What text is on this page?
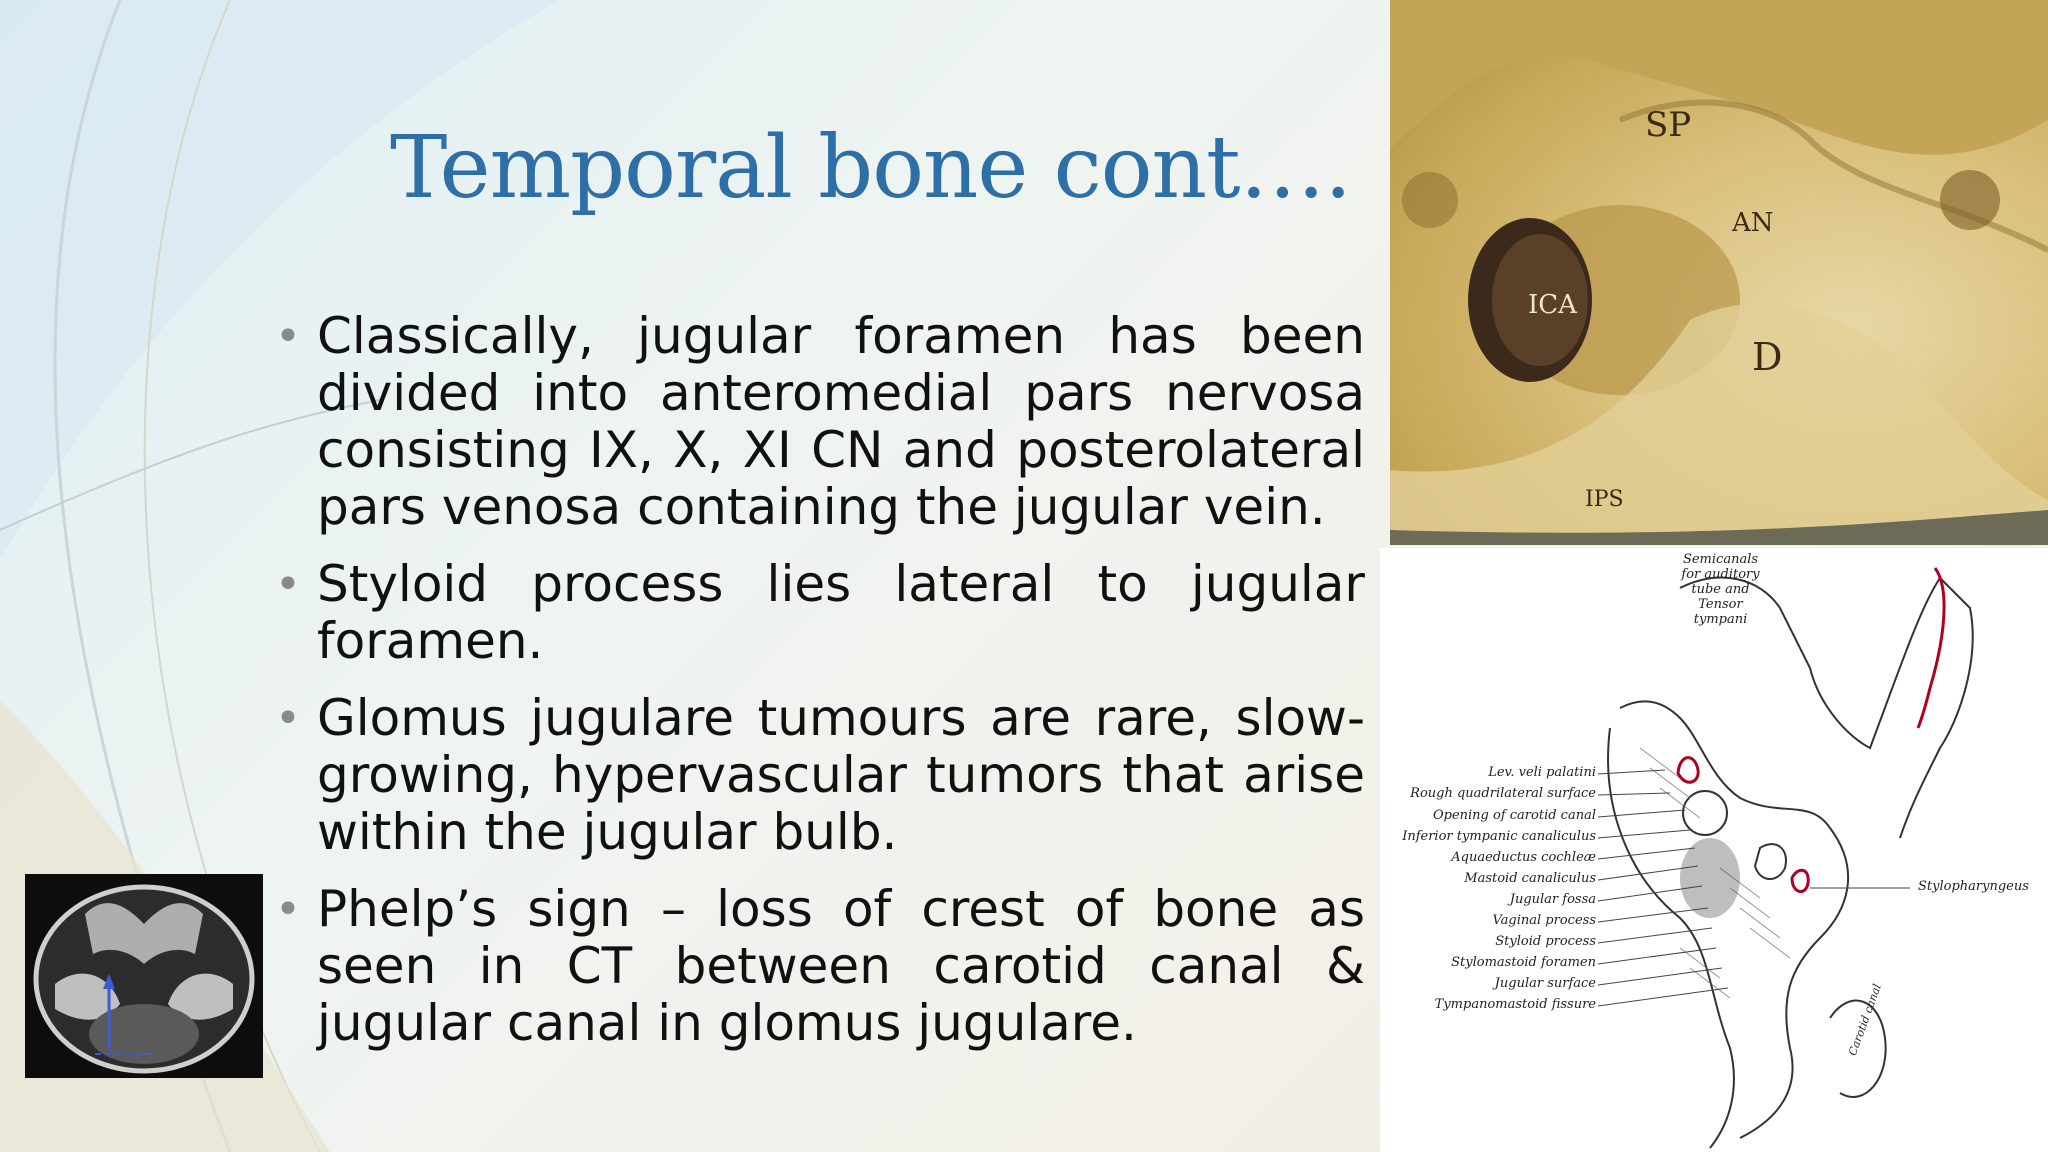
Temporal bone cont….
• Classically, jugular foramen has been divided into anteromedial pars nervosa consisting IX, X, XI CN and posterolateral pars venosa containing the jugular vein.
• Styloid process lies lateral to jugular foramen.
• Glomus jugulare tumours are rare, slow-growing, hypervascular tumors that arise within the jugular bulb.
• Phelp’s sign – loss of crest of bone as seen in CT between carotid canal & jugular canal in glomus jugulare.
SP
AN
ICA
D
IPS
Semicanals for auditory tube and Tensor tympani
Lev. veli palatini
Rough quadrilateral surface
Opening of carotid canal
Inferior tympanic canaliculus
Aquaeductus cochleæ
Mastoid canaliculus
Jugular fossa
Vaginal process
Styloid process
Stylomastoid foramen
Jugular surface
Tympanomastoid fissure
Stylopharyngeus
Carotid canal
